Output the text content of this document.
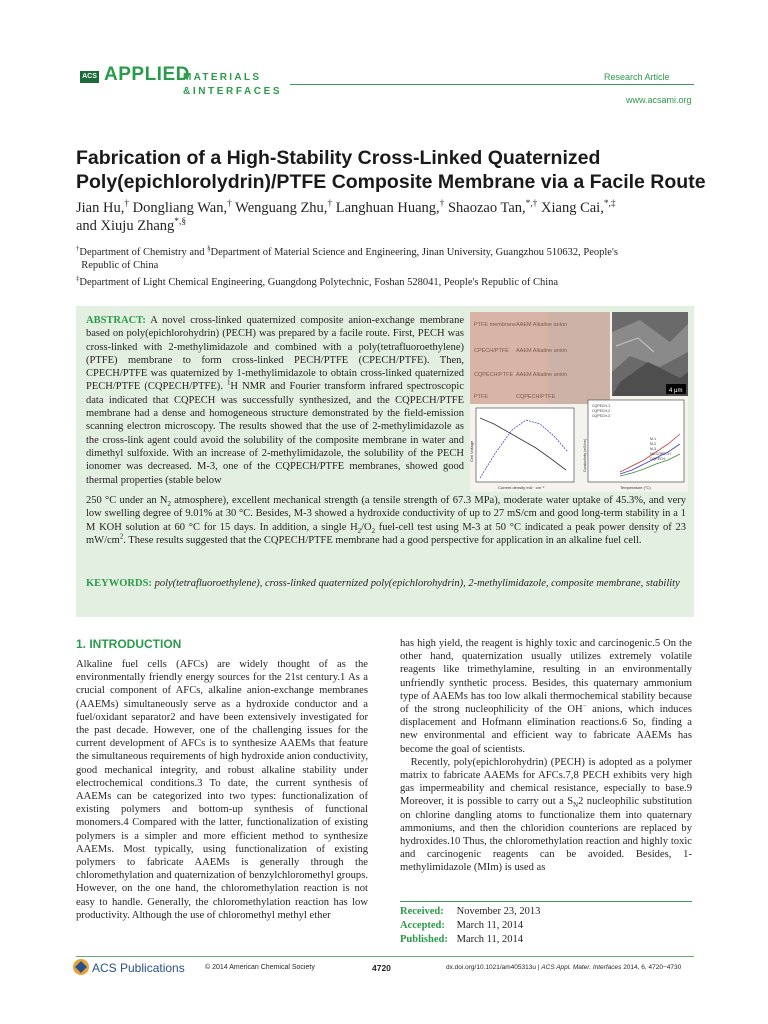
ACS APPLIED
MATERIALS
&INTERFACES
Research Article
www.acsami.org
Fabrication of a High-Stability Cross-Linked Quaternized Poly(epichlorolydrin)/PTFE Composite Membrane via a Facile Route
Jian Hu,† Dongliang Wan,† Wenguang Zhu,† Langhuan Huang,† Shaozao Tan,*,† Xiang Cai,*,‡
and Xiuju Zhang*,§
†Department of Chemistry and §Department of Material Science and Engineering, Jinan University, Guangzhou 510632, People's
Republic of China
‡Department of Light Chemical Engineering, Guangdong Polytechnic, Foshan 528041, People's Republic of China
ABSTRACT: A novel cross-linked quaternized composite anion-exchange membrane based on poly(epichlorohydrin) (PECH) was prepared by a facile route. First, PECH was cross-linked with 2-methylimidazole and combined with a poly(tetrafluoroethylene) (PTFE) membrane to form cross-linked PECH/PTFE (CPECH/PTFE). Then, CPECH/PTFE was quaternized by 1-methylimidazole to obtain cross-linked quaternized PECH/PTFE (CQPECH/PTFE). $^1$H NMR and Fourier transform infrared spectroscopic data indicated that CQPECH was successfully synthesized, and the CQPECH/PTFE membrane had a dense and homogeneous structure demonstrated by the field-emission scanning electron microscopy. The results showed that the use of 2-methylimidazole as the cross-link agent could avoid the solubility of the composite membrane in water and dimethyl sulfoxide. With an increase of 2-methylimidazole, the solubility of the PECH ionomer was decreased. M-3, one of the CQPECH/PTFE membranes, showed good thermal properties (stable below
250 °C under an $N_2$ atmosphere), excellent mechanical strength (a tensile strength of 67.3 MPa), moderate water uptake of 45.3%, and very low swelling degree of 9.01% at 30 °C. Besides, M-3 showed a hydroxide conductivity of up to 27 mS/cm and good long-term stability in a 1 M KOH solution at 60 °C for 15 days. In addition, a single $H_2/O_2$ fuel-cell test using M-3 at 50 °C indicated a peak power density of 23 $mW/cm^2$. These results suggested that the CQPECH/PTFE membrane had a good perspective for application in an alkaline fuel cell.
KEYWORDS: poly(tetrafluoroethylene), cross-linked quaternized poly(epichlorohydrin), 2-methylimidazole, composite membrane, stability
PTFE membrane AAEM Alkaline anion
CPECH/PTFE AAEM Alkaline anion
CQPECH/PTFE AAEM Alkaline anion
PTFE	CQPECH/PTFE
4 μm
Current density mA · cm⁻²
Cell Voltage
CQPECH-1
CQPECH-2
CQPECH-3
M-1
M-2
M-3
Na-CQPECH
CQPECH
Temperature (°C)
Conductivity (mS/cm)
1. INTRODUCTION
Alkaline fuel cells (AFCs) are widely thought of as the environmentally friendly energy sources for the 21st century.1 As a crucial component of AFCs, alkaline anion-exchange membranes (AAEMs) simultaneously serve as a hydroxide conductor and a fuel/oxidant separator2 and have been extensively investigated for the past decade. However, one of the challenging issues for the current development of AFCs is to synthesize AAEMs that feature the simultaneous requirements of high hydroxide anion conductivity, good mechanical integrity, and robust alkaline stability under electrochemical conditions.3 To date, the current synthesis of AAEMs can be categorized into two types: functionalization of existing polymers and bottom-up synthesis of functional monomers.4 Compared with the latter, functionalization of existing polymers is a simpler and more efficient method to synthesize AAEMs. Most typically, using functionalization of existing polymers to fabricate AAEMs is generally through the chloromethylation and quaternization of benzylchloromethyl groups. However, on the one hand, the chloromethylation reaction is not easy to handle. Generally, the chloromethylation reaction has low productivity. Although the use of chloromethyl methyl ether
has high yield, the reagent is highly toxic and carcinogenic.5 On the other hand, quaternization usually utilizes extremely volatile reagents like trimethylamine, resulting in an environmentally unfriendly synthetic process. Besides, this quaternary ammonium type of AAEMs has too low alkali thermochemical stability because of the strong nucleophilicity of the OH− anions, which induces displacement and Hofmann elimination reactions.6 So, finding a new environmental and efficient way to fabricate AAEMs has become the goal of scientists.
Recently, poly(epichlorohydrin) (PECH) is adopted as a polymer matrix to fabricate AAEMs for AFCs.7,8 PECH exhibits very high gas impermeability and chemical resistance, especially to base.9 Moreover, it is possible to carry out a $S_N2$ nucleophilic substitution on chlorine dangling atoms to functionalize them into quaternary ammoniums, and then the chloridion counterions are replaced by hydroxides.10 Thus, the chloromethylation reaction and highly toxic and carcinogenic reagents can be avoided. Besides, 1-methylimidazole (MIm) is used as
Received: November 23, 2013
Accepted: March 11, 2014
Published: March 11, 2014
ACS Publications	© 2014 American Chemical Society	4720	dx.doi.org/10.1021/am405313u | ACS Appl. Mater. Interfaces 2014, 6, 4720−4730
